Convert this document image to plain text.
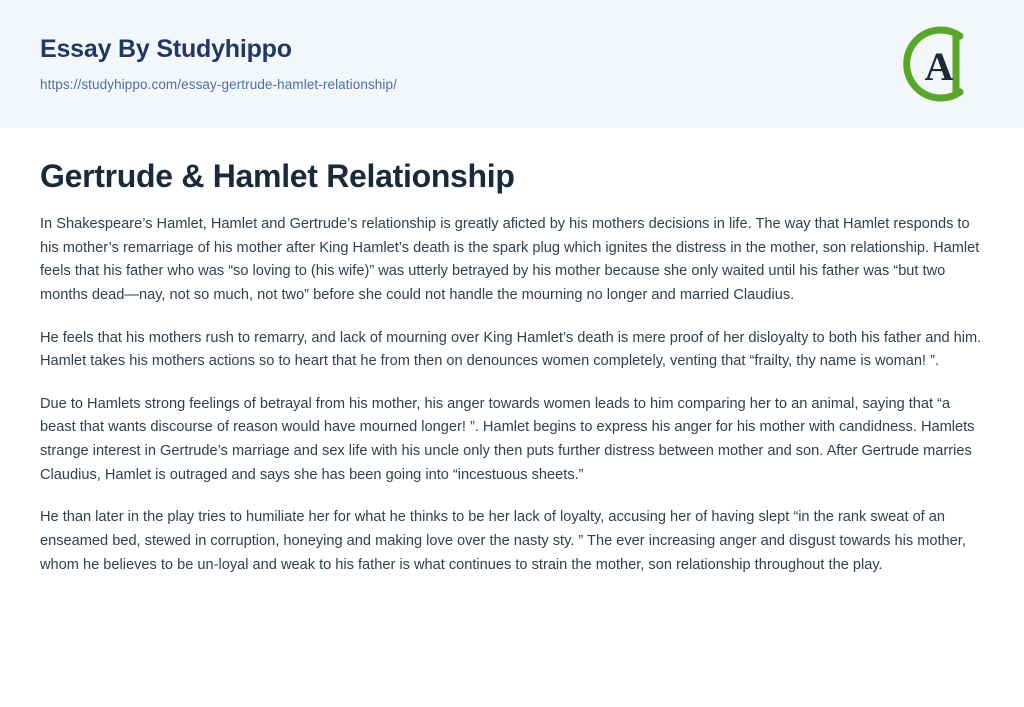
Essay By Studyhippo
https://studyhippo.com/essay-gertrude-hamlet-relationship/	A
Gertrude & Hamlet Relationship

In Shakespeare’s Hamlet, Hamlet and Gertrude’s relationship is greatly aficted by his mothers decisions in life. The way that Hamlet responds to his mother’s remarriage of his mother after King Hamlet’s death is the spark plug which ignites the distress in the mother, son relationship. Hamlet feels that his father who was “so loving to (his wife)” was utterly betrayed by his mother because she only waited until his father was “but two months dead—nay, not so much, not two” before she could not handle the mourning no longer and married Claudius.

He feels that his mothers rush to remarry, and lack of mourning over King Hamlet’s death is mere proof of her disloyalty to both his father and him. Hamlet takes his mothers actions so to heart that he from then on denounces women completely, venting that “frailty, thy name is woman! ”.

Due to Hamlets strong feelings of betrayal from his mother, his anger towards women leads to him comparing her to an animal, saying that “a beast that wants discourse of reason would have mourned longer! ”. Hamlet begins to express his anger for his mother with candidness. Hamlets strange interest in Gertrude’s marriage and sex life with his uncle only then puts further distress between mother and son. After Gertrude marries Claudius, Hamlet is outraged and says she has been going into “incestuous sheets.”

He than later in the play tries to humiliate her for what he thinks to be her lack of loyalty, accusing her of having slept “in the rank sweat of an enseamed bed, stewed in corruption, honeying and making love over the nasty sty. ” The ever increasing anger and disgust towards his mother, whom he believes to be un-loyal and weak to his father is what continues to strain the mother, son relationship throughout the play.
